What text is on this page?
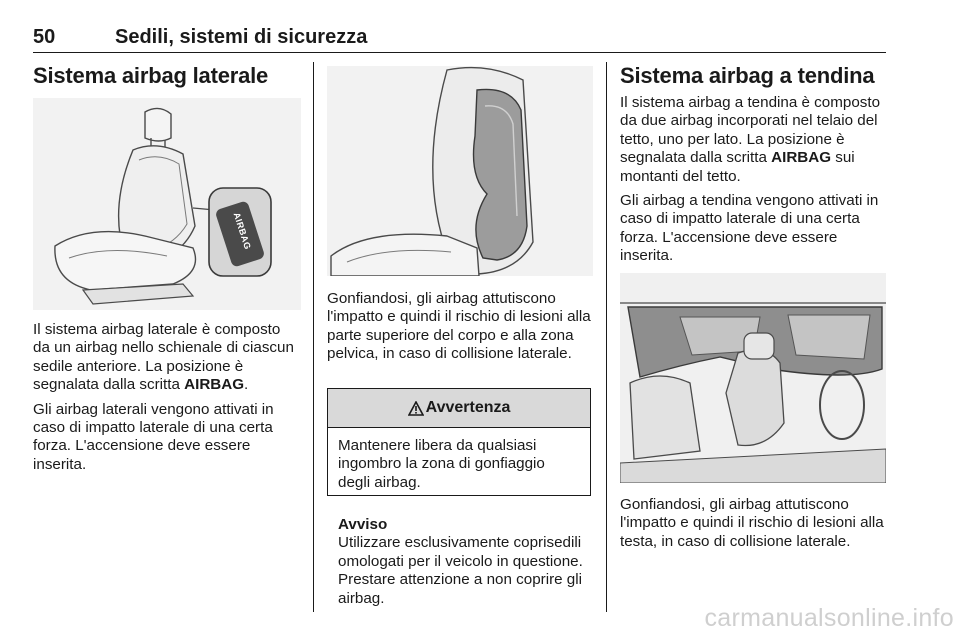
50	Sedili, sistemi di sicurezza
Sistema airbag laterale
AIRBAG

Il sistema airbag laterale è composto da un airbag nello schienale di ciascun sedile anteriore. La posizione è segnalata dalla scritta AIRBAG.

Gli airbag laterali vengono attivati in caso di impatto laterale di una certa forza. L'accensione deve essere inserita.

Gonfiandosi, gli airbag attutiscono l'impatto e quindi il rischio di lesioni alla parte superiore del corpo e alla zona pelvica, in caso di collisione laterale.

Avvertenza
Mantenere libera da qualsiasi ingombro la zona di gonfiaggio degli airbag.

Avviso

Utilizzare esclusivamente coprisedili omologati per il veicolo in questione. Prestare attenzione a non coprire gli airbag.

Sistema airbag a tendina

Il sistema airbag a tendina è composto da due airbag incorporati nel telaio del tetto, uno per lato. La posizione è segnalata dalla scritta AIRBAG sui montanti del tetto.

Gli airbag a tendina vengono attivati in caso di impatto laterale di una certa forza. L'accensione deve essere inserita.

Gonfiandosi, gli airbag attutiscono l'impatto e quindi il rischio di lesioni alla testa, in caso di collisione laterale.

carmanualsonline.info
